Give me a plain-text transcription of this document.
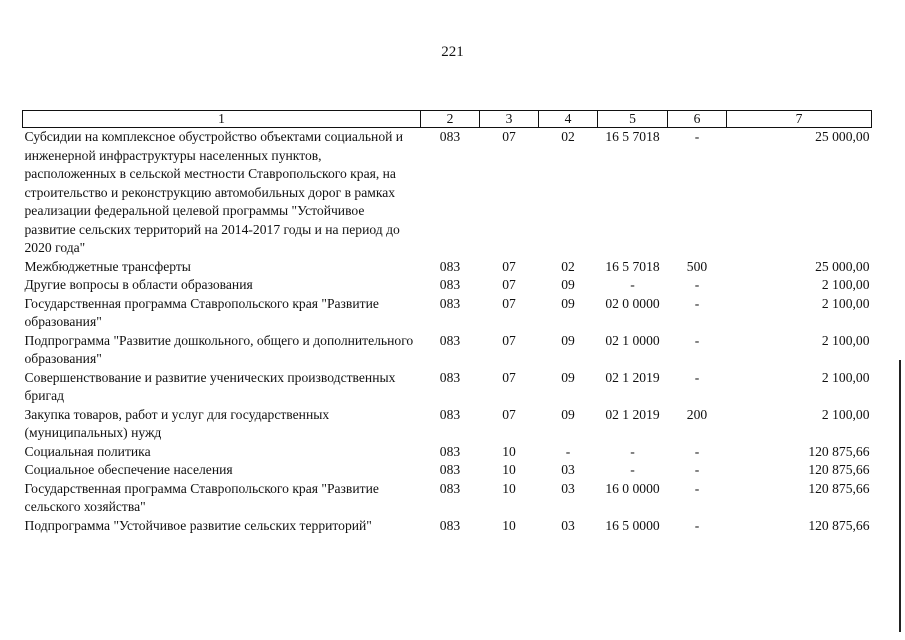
221
1	2	3	4	5	6	7
Субсидии на комплексное обустройство объектами социальной и инженерной инфраструктуры населенных пунктов, расположенных в сельской местности Ставропольского края, на строительство и реконструкцию автомобильных дорог в рамках реализации федеральной целевой программы "Устойчивое развитие сельских территорий на 2014-2017 годы и на период до 2020 года"	083	07	02	16 5 7018	-	25 000,00
Межбюджетные трансферты	083	07	02	16 5 7018	500	25 000,00
Другие вопросы в области образования	083	07	09	-	-	2 100,00
Государственная программа Ставропольского края "Развитие образования"	083	07	09	02 0 0000	-	2 100,00
Подпрограмма "Развитие дошкольного, общего и дополнительного образования"	083	07	09	02 1 0000	-	2 100,00
Совершенствование и развитие ученических производственных бригад	083	07	09	02 1 2019	-	2 100,00
Закупка товаров, работ и услуг для государственных (муниципальных) нужд	083	07	09	02 1 2019	200	2 100,00
Социальная политика	083	10	-	-	-	120 875,66
Социальное обеспечение населения	083	10	03	-	-	120 875,66
Государственная программа Ставропольского края "Развитие сельского хозяйства"	083	10	03	16 0 0000	-	120 875,66
Подпрограмма "Устойчивое развитие сельских территорий"	083	10	03	16 5 0000	-	120 875,66
